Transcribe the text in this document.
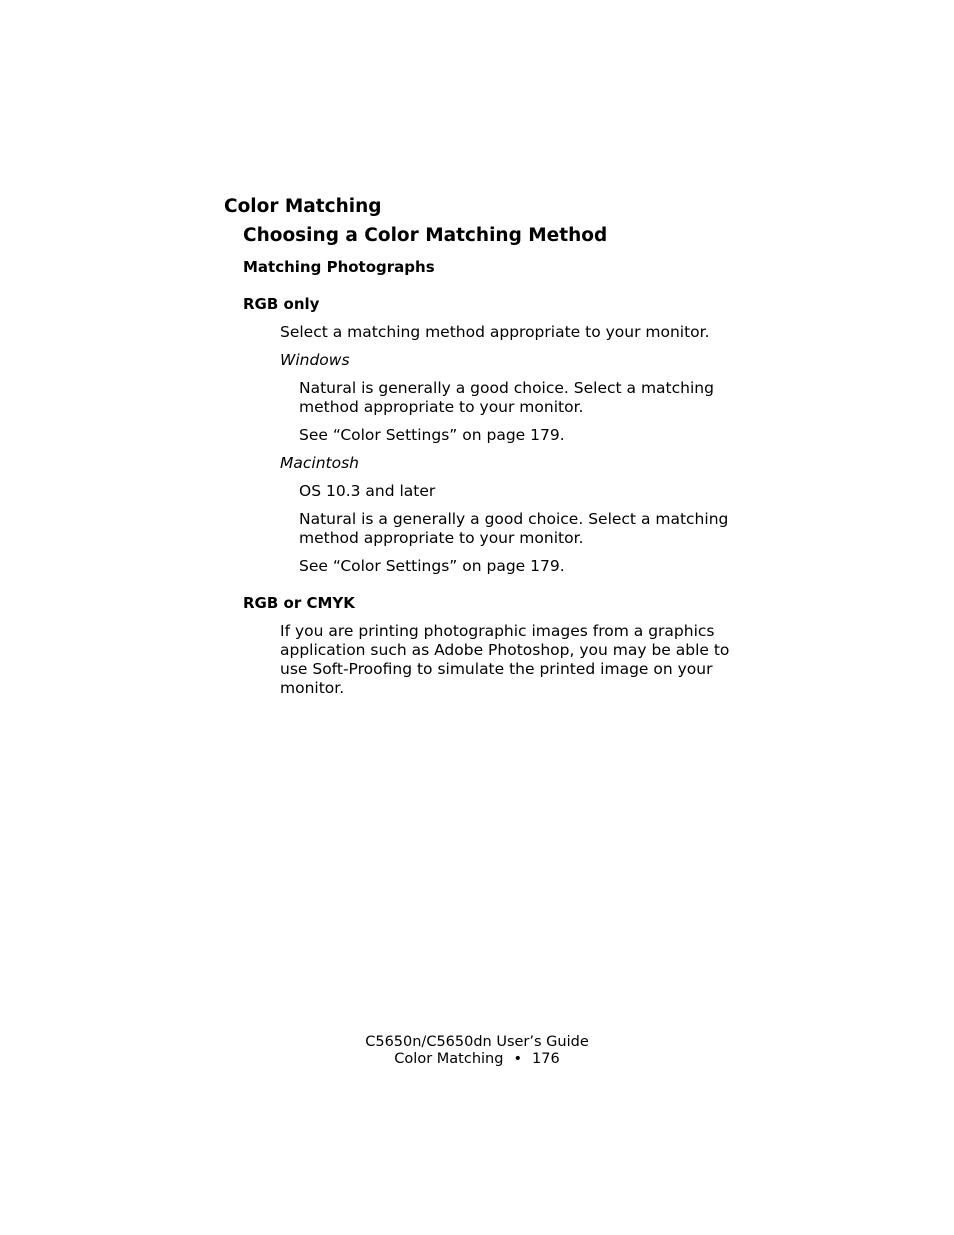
Color Matching
Choosing a Color Matching Method
Matching Photographs
RGB only

Select a matching method appropriate to your monitor.

Windows

Natural is generally a good choice. Select a matching method appropriate to your monitor.

See “Color Settings” on page 179.

Macintosh

OS 10.3 and later

Natural is a generally a good choice. Select a matching method appropriate to your monitor.

See “Color Settings” on page 179.

RGB or CMYK

If you are printing photographic images from a graphics application such as Adobe Photoshop, you may be able to use Soft-Proofing to simulate the printed image on your monitor.

C5650n/C5650dn User’s Guide
Color Matching • 176
